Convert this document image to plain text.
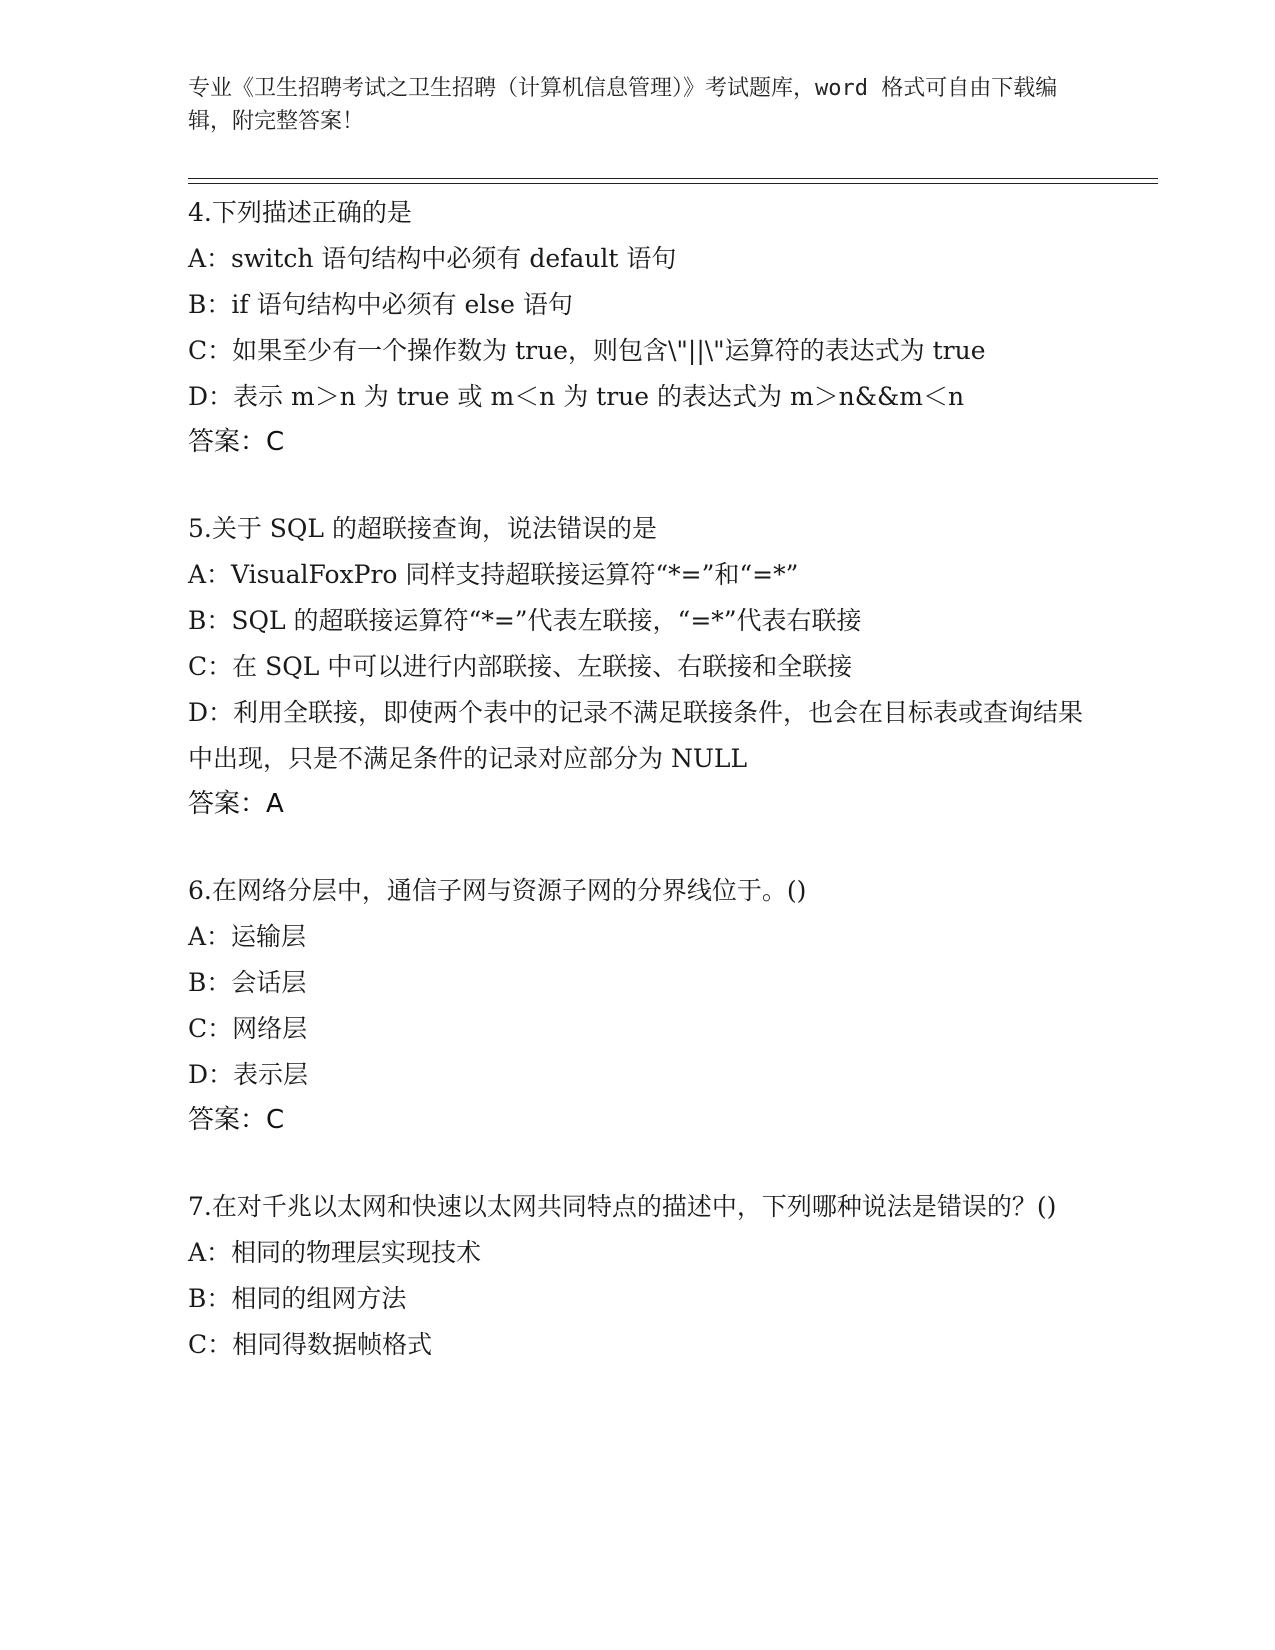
专业《卫生招聘考试之卫生招聘（计算机信息管理）》考试题库，word 格式可自由下载编辑，附完整答案！

4.下列描述正确的是

A：switch 语句结构中必须有 default 语句

B：if 语句结构中必须有 else 语句

C：如果至少有一个操作数为 true，则包含\"||\"运算符的表达式为 true

D：表示 m＞n 为 true 或 m＜n 为 true 的表达式为 m＞n&&m＜n

答案：C

5.关于 SQL 的超联接查询，说法错误的是

A：VisualFoxPro 同样支持超联接运算符“*=”和“=*”

B：SQL 的超联接运算符“*=”代表左联接，“=*”代表右联接

C：在 SQL 中可以进行内部联接、左联接、右联接和全联接

D：利用全联接，即使两个表中的记录不满足联接条件，也会在目标表或查询结果中出现，只是不满足条件的记录对应部分为 NULL

答案：A

6.在网络分层中，通信子网与资源子网的分界线位于。()

A：运输层

B：会话层

C：网络层

D：表示层

答案：C

7.在对千兆以太网和快速以太网共同特点的描述中，下列哪种说法是错误的？()

A：相同的物理层实现技术

B：相同的组网方法

C：相同得数据帧格式
